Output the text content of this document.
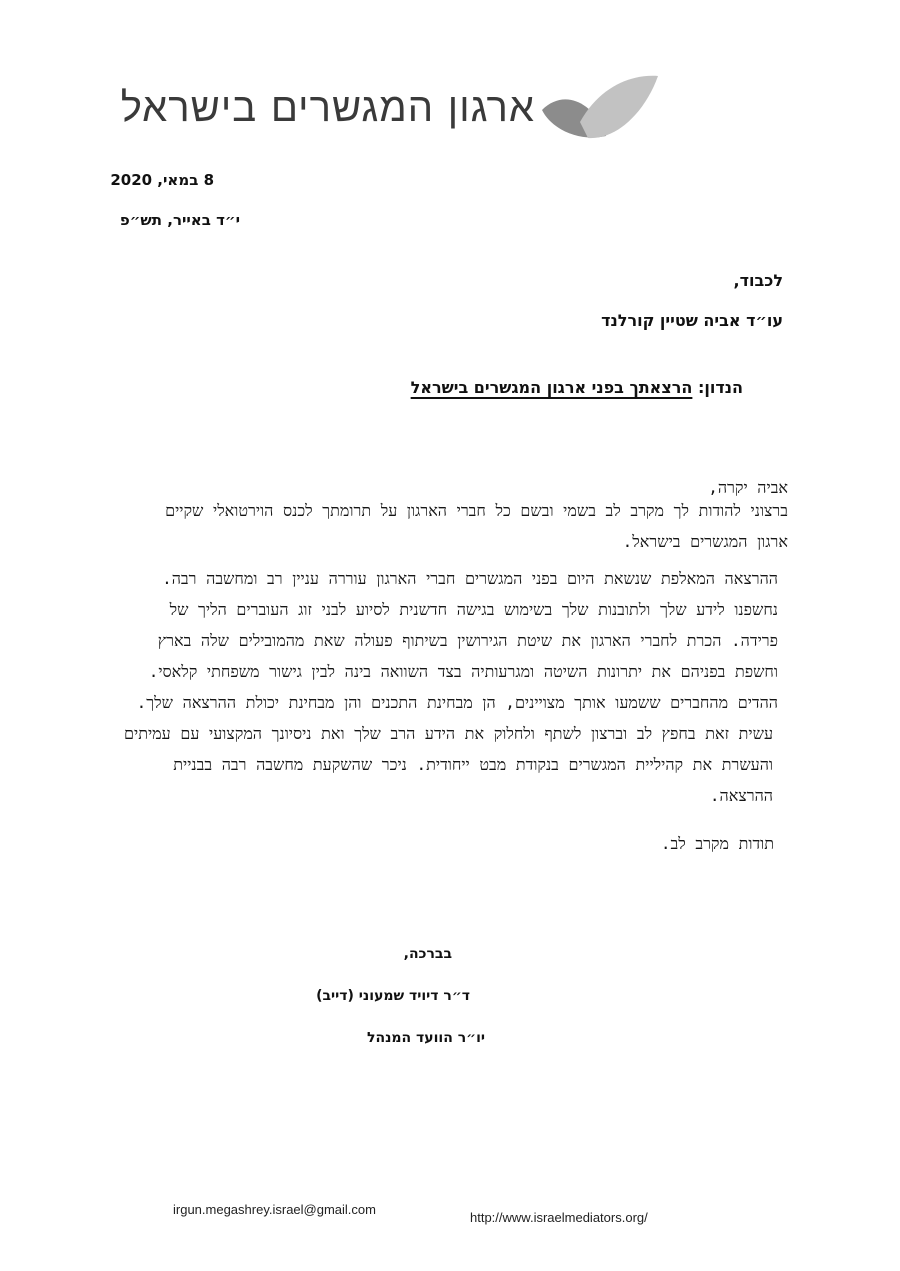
ארגון המגשרים בישראל
8 במאי, 2020
י״ד באייר, תש״פ
לכבוד,
עו״ד אביה שטיין קורלנד
הנדון: הרצאתך בפני ארגון המגשרים בישראל
אביה יקרה,
ברצוני להודות לך מקרב לב בשמי ובשם כל חברי הארגון על תרומתך לכנס הוירטואלי שקיים
ארגון המגשרים בישראל.
ההרצאה המאלפת שנשאת היום בפני המגשרים חברי הארגון עוררה עניין רב ומחשבה רבה.
נחשפנו לידע שלך ולתובנות שלך בשימוש בגישה חדשנית לסיוע לבני זוג העוברים הליך של
פרידה. הכרת לחברי הארגון את שיטת הגירושין בשיתוף פעולה שאת מהמובילים שלה בארץ
וחשפת בפניהם את יתרונות השיטה ומגרעותיה בצד השוואה בינה לבין גישור משפחתי קלאסי.
ההדים מהחברים ששמעו אותך מצויינים, הן מבחינת התכנים והן מבחינת יכולת ההרצאה שלך.
עשית זאת בחפץ לב וברצון לשתף ולחלוק את הידע הרב שלך ואת ניסיונך המקצועי עם עמיתים
והעשרת את קהיליית המגשרים בנקודת מבט ייחודית. ניכר שהשקעת מחשבה רבה בבניית
ההרצאה.
תודות מקרב לב.
בברכה,
ד״ר דיויד שמעוני (דייב)
יו״ר הוועד המנהל
irgun.megashrey.israel@gmail.com
http://www.israelmediators.org/
